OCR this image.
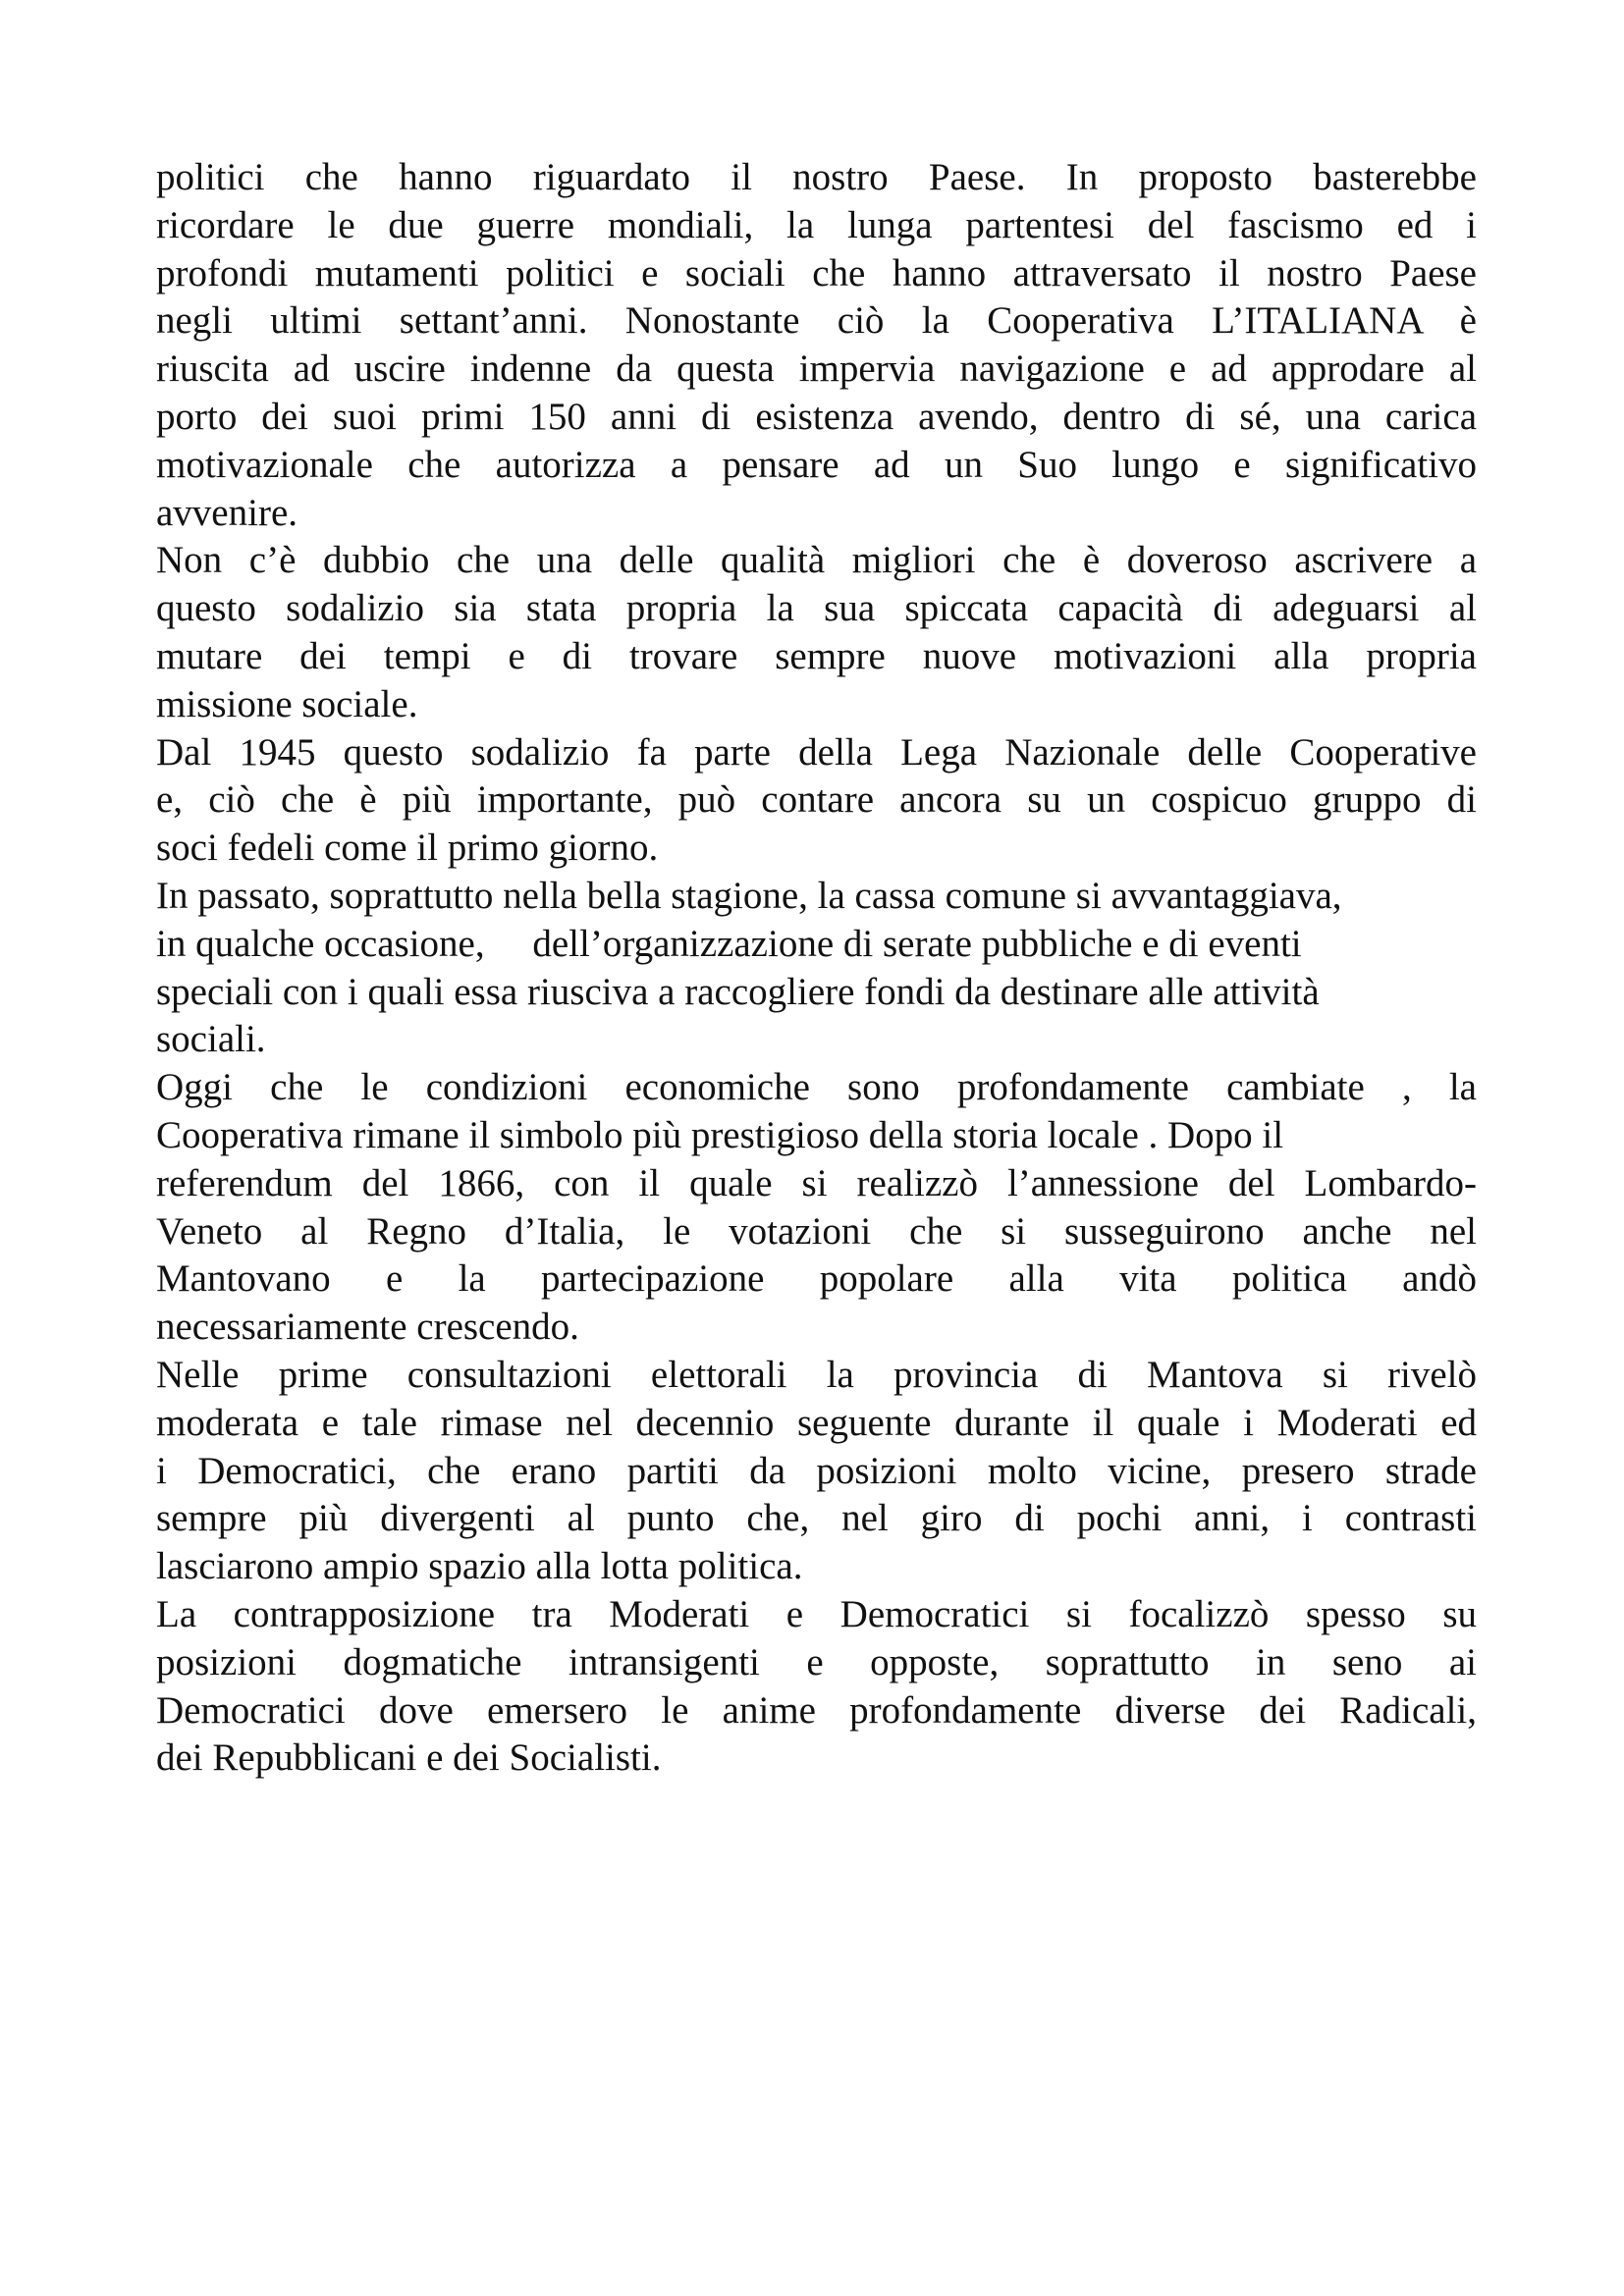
politici che hanno riguardato il nostro Paese. In proposto basterebbe
ricordare le due guerre mondiali, la lunga partentesi del fascismo ed i
profondi mutamenti politici e sociali che hanno attraversato il nostro Paese
negli ultimi settant’anni. Nonostante ciò la Cooperativa L’ITALIANA è
riuscita ad uscire indenne da questa impervia navigazione e ad approdare al
porto dei suoi primi 150 anni di esistenza avendo, dentro di sé, una carica
motivazionale che autorizza a pensare ad un Suo lungo e significativo
avvenire.

Non c’è dubbio che una delle qualità migliori che è doveroso ascrivere a
questo sodalizio sia stata propria la sua spiccata capacità di adeguarsi al
mutare dei tempi e di trovare sempre nuove motivazioni alla propria
missione sociale.

Dal 1945 questo sodalizio fa parte della Lega Nazionale delle Cooperative
e, ciò che è più importante, può contare ancora su un cospicuo gruppo di
soci fedeli come il primo giorno.

In passato, soprattutto nella bella stagione, la cassa comune si avvantaggiava,
in qualche occasione,     dell’organizzazione di serate pubbliche e di eventi
speciali con i quali essa riusciva a raccogliere fondi da destinare alle attività
sociali.

Oggi che le condizioni economiche sono profondamente cambiate , la
Cooperativa rimane il simbolo più prestigioso della storia locale . Dopo il
referendum del 1866, con il quale si realizzò l’annessione del Lombardo-
Veneto al Regno d’Italia, le votazioni che si susseguirono anche nel
Mantovano e la partecipazione popolare alla vita politica andò
necessariamente crescendo.

Nelle prime consultazioni elettorali la provincia di Mantova si rivelò
moderata e tale rimase nel decennio seguente durante il quale i Moderati ed
i Democratici, che erano partiti da posizioni molto vicine, presero strade
sempre più divergenti al punto che, nel giro di pochi anni, i contrasti
lasciarono ampio spazio alla lotta politica.

La contrapposizione tra Moderati e Democratici si focalizzò spesso su
posizioni dogmatiche intransigenti e opposte, soprattutto in seno ai
Democratici dove emersero le anime profondamente diverse dei Radicali,
dei Repubblicani e dei Socialisti.
